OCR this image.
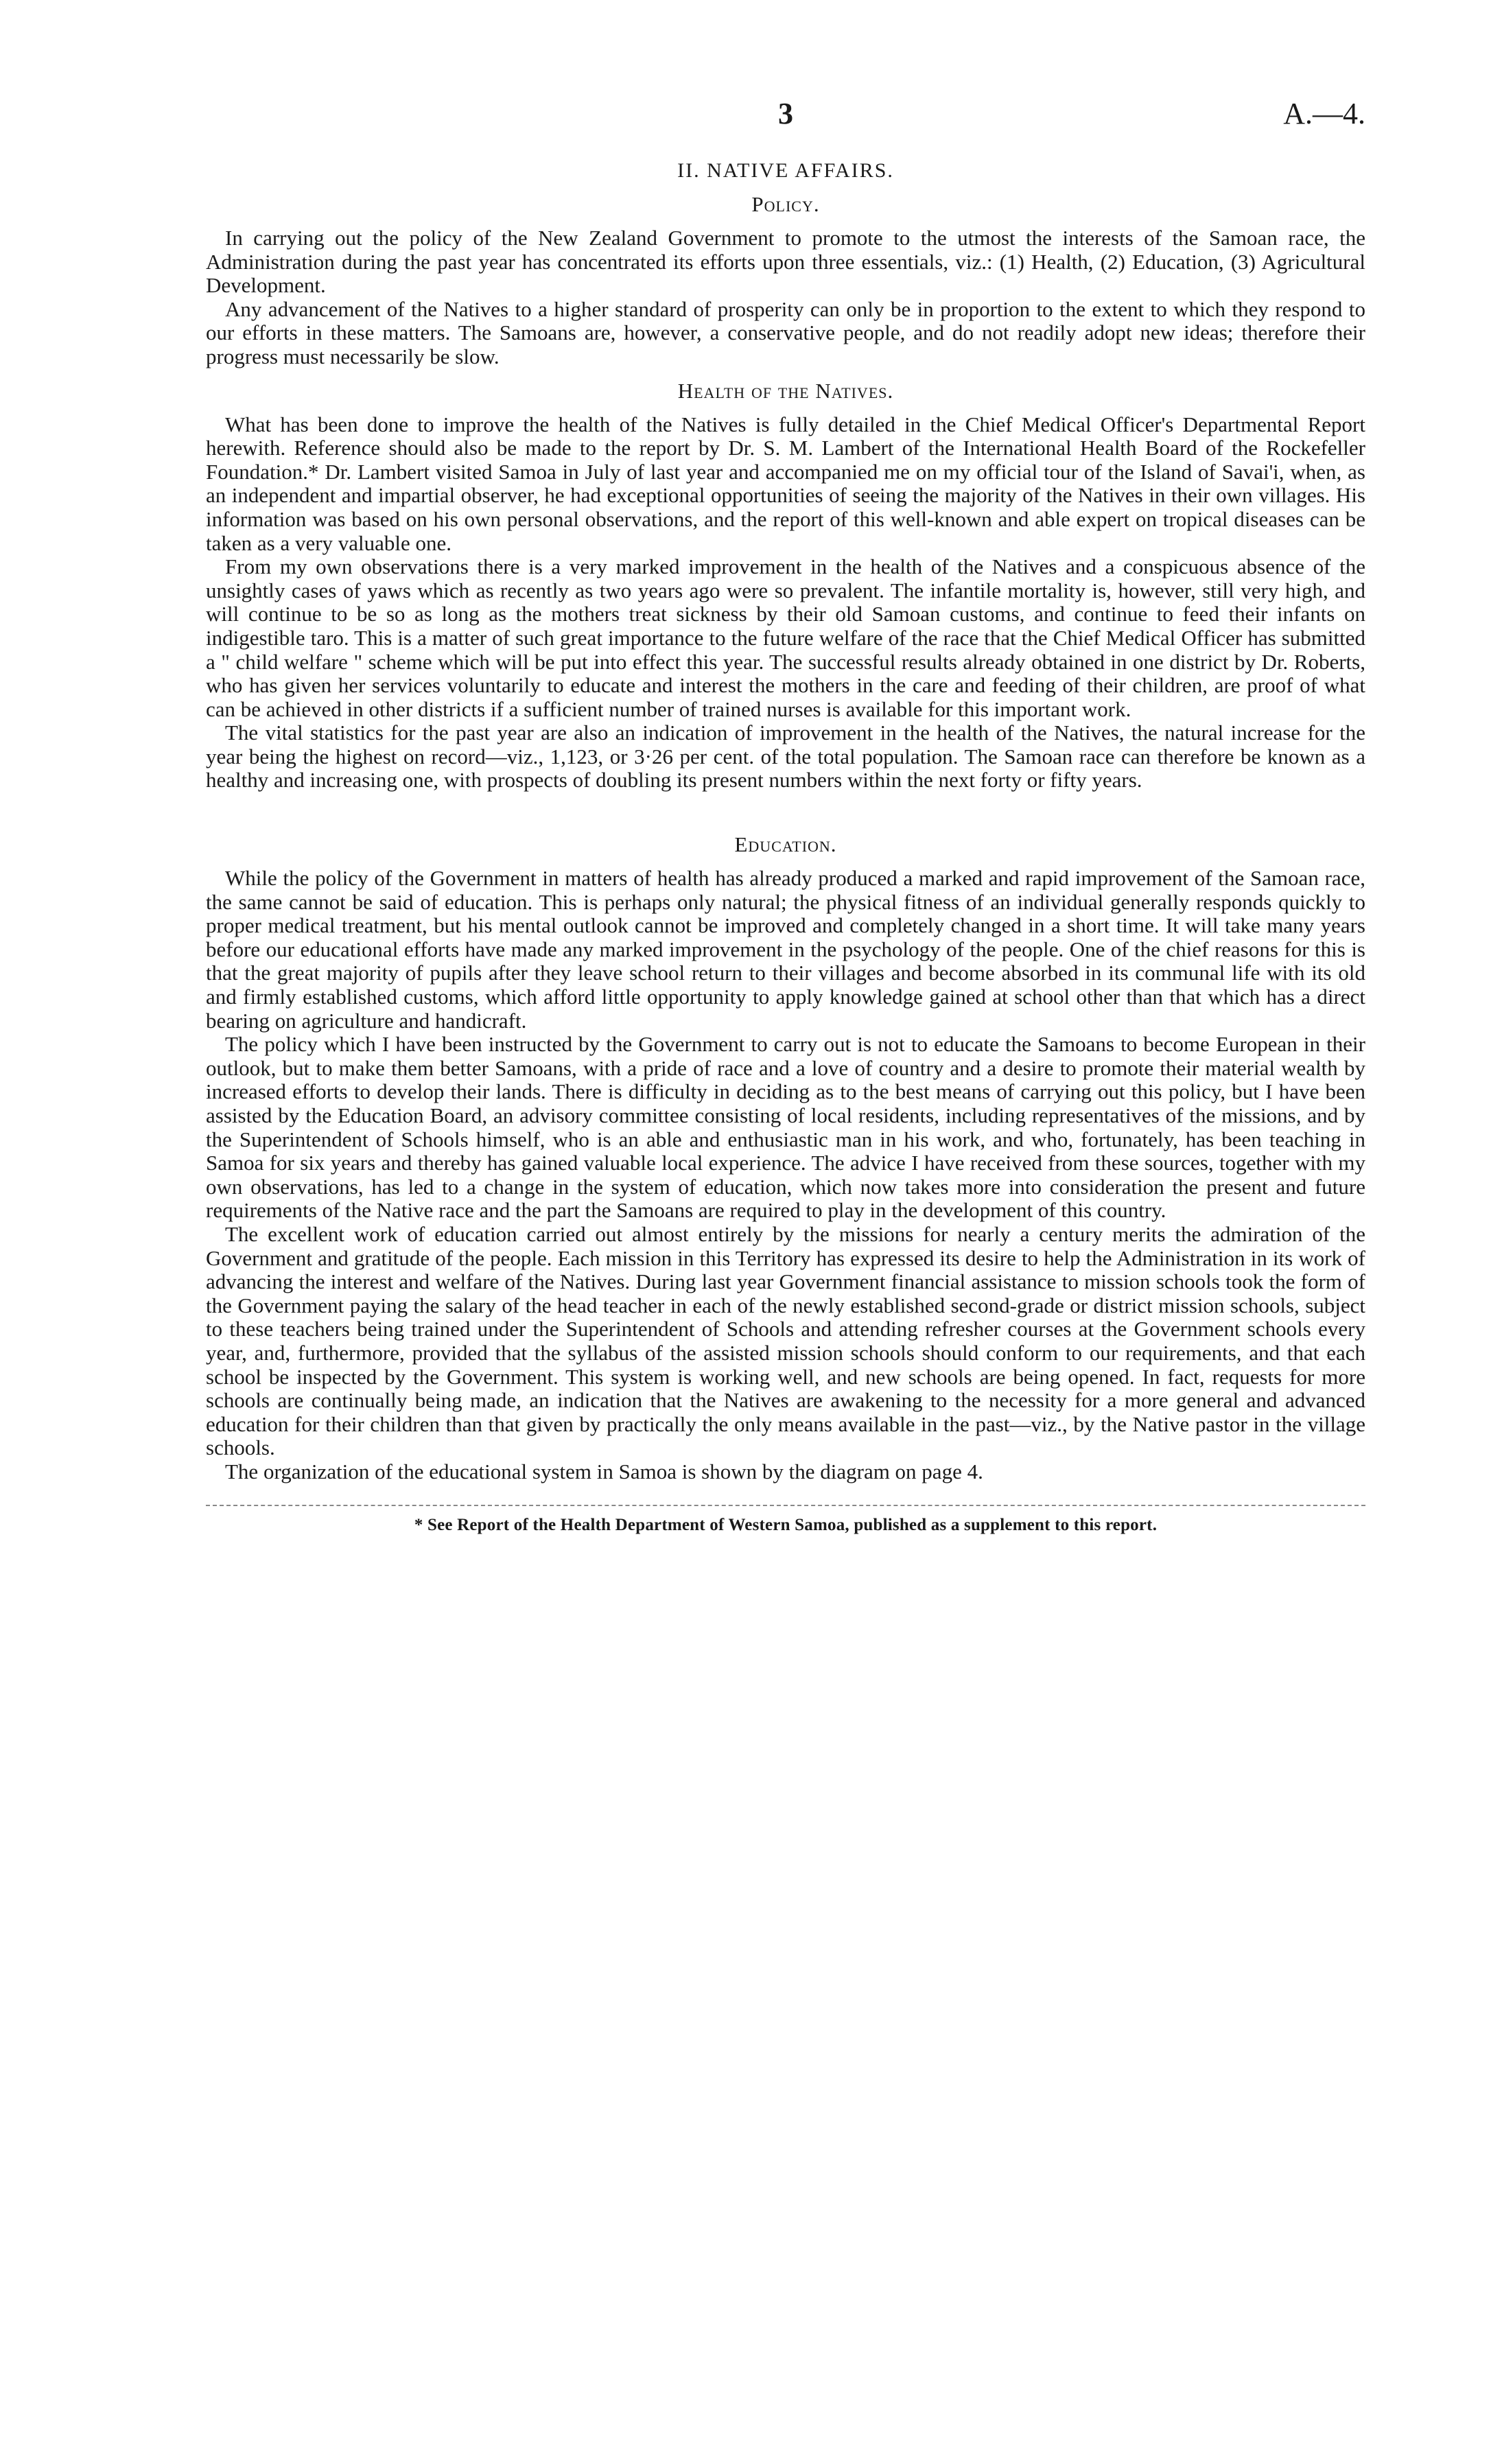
3	A.—4.
II. NATIVE AFFAIRS.
Policy.

In carrying out the policy of the New Zealand Government to promote to the utmost the interests of the Samoan race, the Administration during the past year has concentrated its efforts upon three essentials, viz.: (1) Health, (2) Education, (3) Agricultural Development.

Any advancement of the Natives to a higher standard of prosperity can only be in proportion to the extent to which they respond to our efforts in these matters. The Samoans are, however, a conservative people, and do not readily adopt new ideas; therefore their progress must necessarily be slow.

Health of the Natives.

What has been done to improve the health of the Natives is fully detailed in the Chief Medical Officer's Departmental Report herewith. Reference should also be made to the report by Dr. S. M. Lambert of the International Health Board of the Rockefeller Foundation.* Dr. Lambert visited Samoa in July of last year and accompanied me on my official tour of the Island of Savai'i, when, as an independent and impartial observer, he had exceptional opportunities of seeing the majority of the Natives in their own villages. His information was based on his own personal observations, and the report of this well-known and able expert on tropical diseases can be taken as a very valuable one.

From my own observations there is a very marked improvement in the health of the Natives and a conspicuous absence of the unsightly cases of yaws which as recently as two years ago were so prevalent. The infantile mortality is, however, still very high, and will continue to be so as long as the mothers treat sickness by their old Samoan customs, and continue to feed their infants on indigestible taro. This is a matter of such great importance to the future welfare of the race that the Chief Medical Officer has submitted a " child welfare " scheme which will be put into effect this year. The successful results already obtained in one district by Dr. Roberts, who has given her services voluntarily to educate and interest the mothers in the care and feeding of their children, are proof of what can be achieved in other districts if a sufficient number of trained nurses is available for this important work.

The vital statistics for the past year are also an indication of improvement in the health of the Natives, the natural increase for the year being the highest on record—viz., 1,123, or 3·26 per cent. of the total population. The Samoan race can therefore be known as a healthy and increasing one, with prospects of doubling its present numbers within the next forty or fifty years.

Education.

While the policy of the Government in matters of health has already produced a marked and rapid improvement of the Samoan race, the same cannot be said of education. This is perhaps only natural; the physical fitness of an individual generally responds quickly to proper medical treatment, but his mental outlook cannot be improved and completely changed in a short time. It will take many years before our educational efforts have made any marked improvement in the psychology of the people. One of the chief reasons for this is that the great majority of pupils after they leave school return to their villages and become absorbed in its communal life with its old and firmly established customs, which afford little opportunity to apply knowledge gained at school other than that which has a direct bearing on agriculture and handicraft.

The policy which I have been instructed by the Government to carry out is not to educate the Samoans to become European in their outlook, but to make them better Samoans, with a pride of race and a love of country and a desire to promote their material wealth by increased efforts to develop their lands. There is difficulty in deciding as to the best means of carrying out this policy, but I have been assisted by the Education Board, an advisory committee consisting of local residents, including representatives of the missions, and by the Superintendent of Schools himself, who is an able and enthusiastic man in his work, and who, fortunately, has been teaching in Samoa for six years and thereby has gained valuable local experience. The advice I have received from these sources, together with my own observations, has led to a change in the system of education, which now takes more into consideration the present and future requirements of the Native race and the part the Samoans are required to play in the development of this country.

The excellent work of education carried out almost entirely by the missions for nearly a century merits the admiration of the Government and gratitude of the people. Each mission in this Territory has expressed its desire to help the Administration in its work of advancing the interest and welfare of the Natives. During last year Government financial assistance to mission schools took the form of the Government paying the salary of the head teacher in each of the newly established second-grade or district mission schools, subject to these teachers being trained under the Superintendent of Schools and attending refresher courses at the Government schools every year, and, furthermore, provided that the syllabus of the assisted mission schools should conform to our requirements, and that each school be inspected by the Government. This system is working well, and new schools are being opened. In fact, requests for more schools are continually being made, an indication that the Natives are awakening to the necessity for a more general and advanced education for their children than that given by practically the only means available in the past—viz., by the Native pastor in the village schools.

The organization of the educational system in Samoa is shown by the diagram on page 4.

* See Report of the Health Department of Western Samoa, published as a supplement to this report.
